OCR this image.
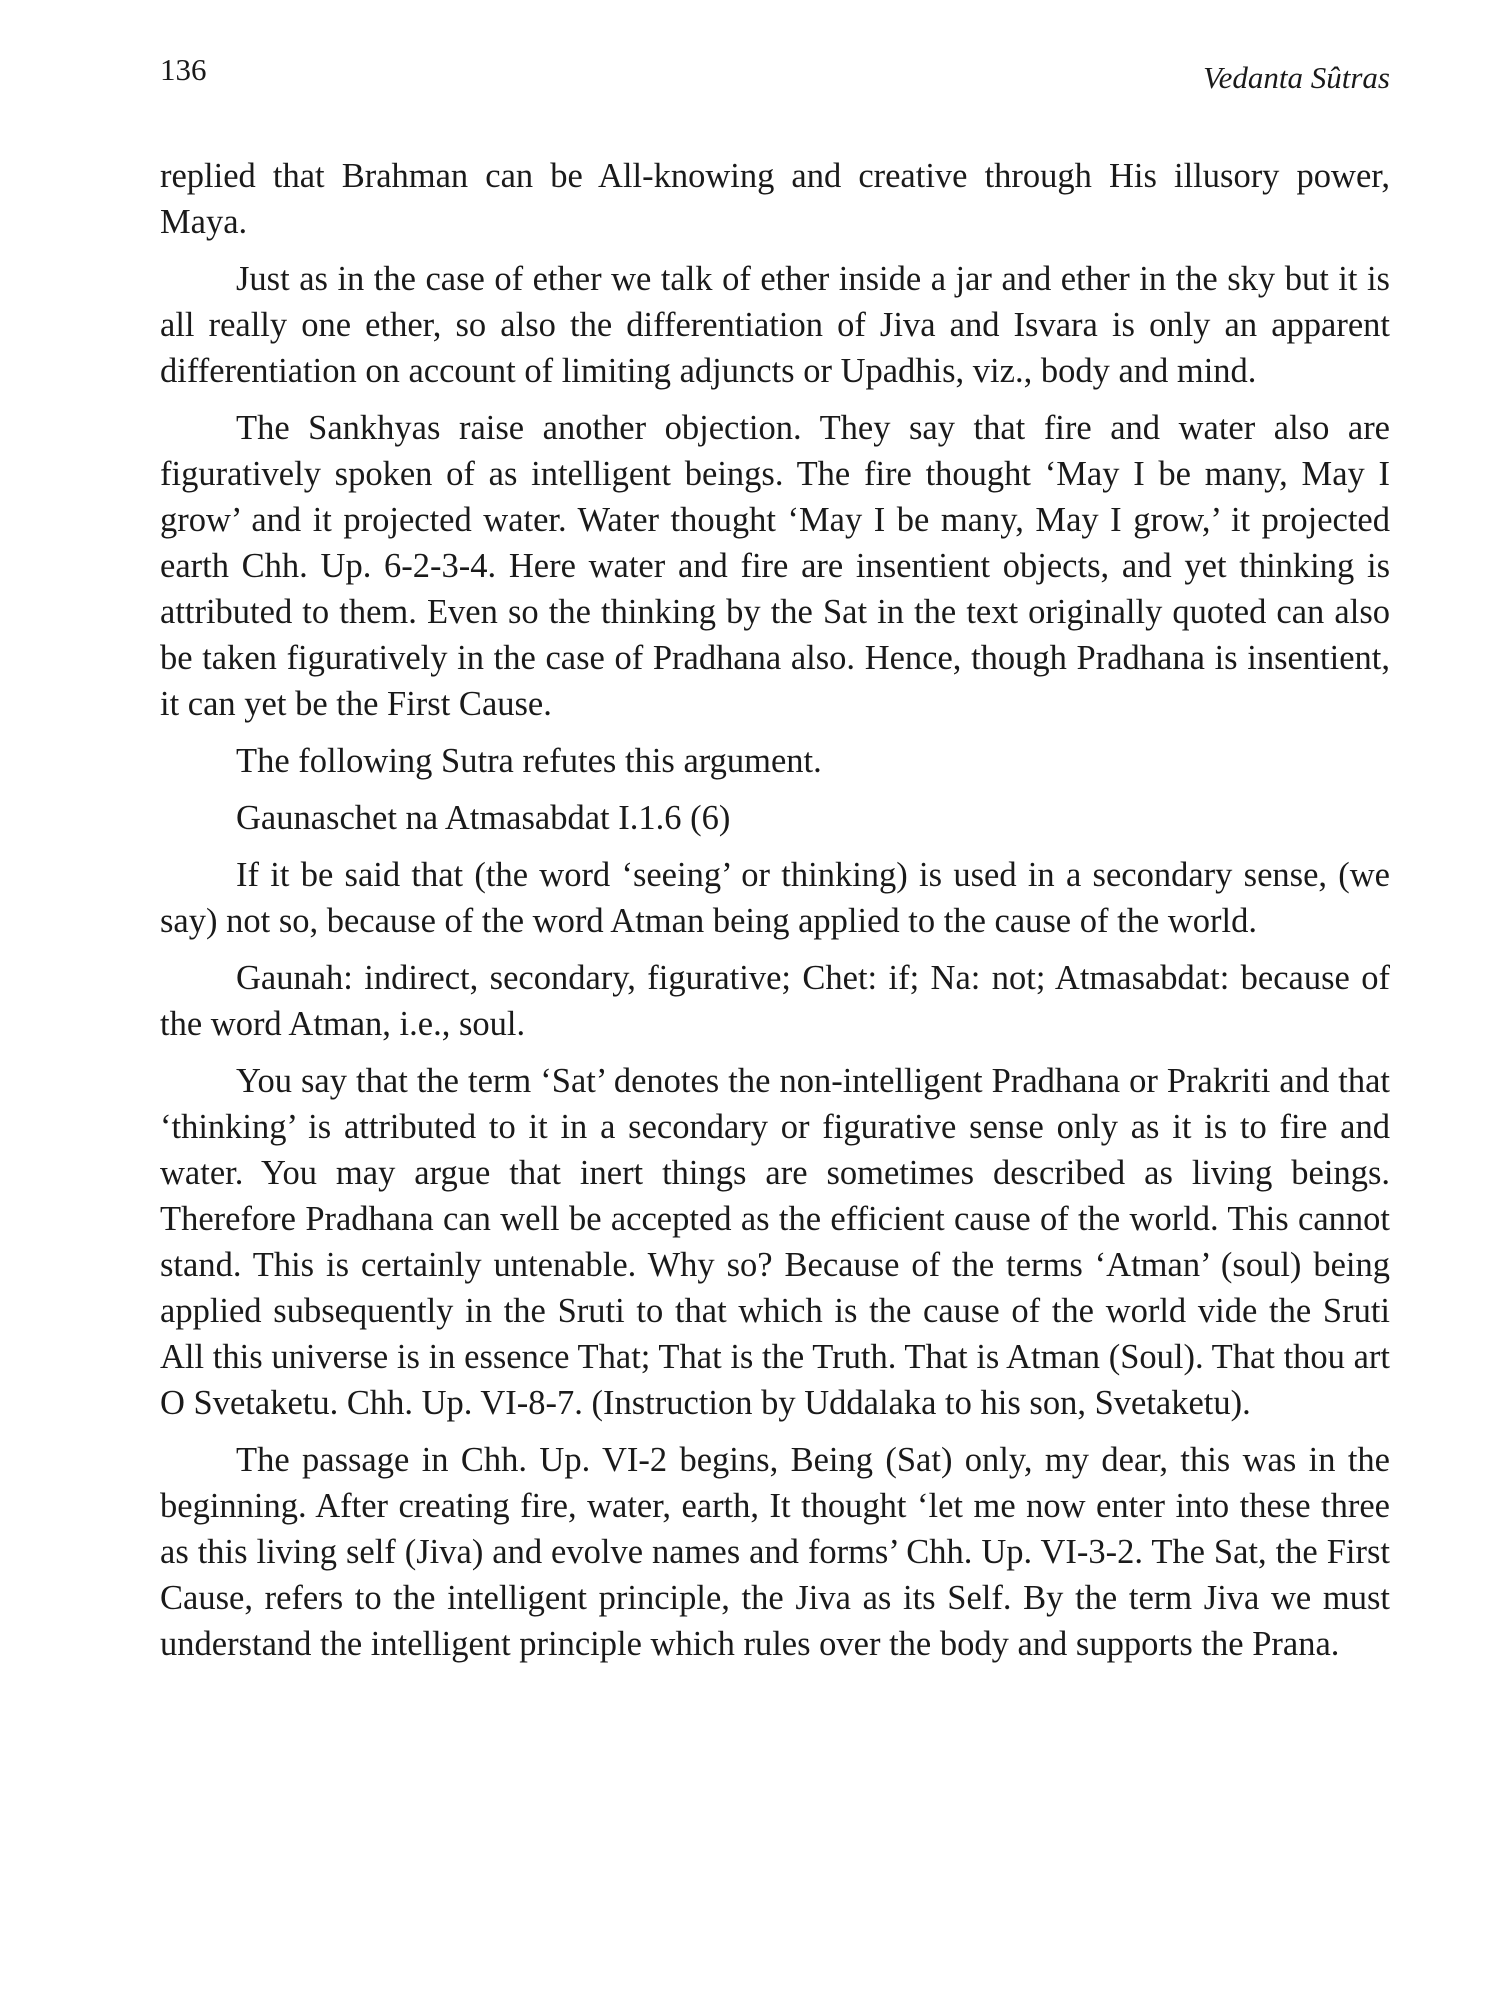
136	Vedanta Sûtras

replied that Brahman can be All-knowing and creative through His illusory power, Maya.

Just as in the case of ether we talk of ether inside a jar and ether in the sky but it is all really one ether, so also the differentiation of Jiva and Isvara is only an apparent differentiation on account of limiting adjuncts or Upadhis, viz., body and mind.

The Sankhyas raise another objection. They say that fire and water also are figuratively spoken of as intelligent beings. The fire thought ‘May I be many, May I grow’ and it projected water. Water thought ‘May I be many, May I grow,’ it projected earth Chh. Up. 6-2-3-4. Here water and fire are insentient objects, and yet thinking is attributed to them. Even so the thinking by the Sat in the text originally quoted can also be taken figuratively in the case of Pradhana also. Hence, though Pradhana is insentient, it can yet be the First Cause.

The following Sutra refutes this argument.

Gaunaschet na Atmasabdat I.1.6 (6)

If it be said that (the word ‘seeing’ or thinking) is used in a secondary sense, (we say) not so, because of the word Atman being applied to the cause of the world.

Gaunah: indirect, secondary, figurative; Chet: if; Na: not; Atmasabdat: because of the word Atman, i.e., soul.

You say that the term ‘Sat’ denotes the non-intelligent Pradhana or Prakriti and that ‘thinking’ is attributed to it in a secondary or figurative sense only as it is to fire and water. You may argue that inert things are sometimes described as living beings. Therefore Pradhana can well be accepted as the efficient cause of the world. This cannot stand. This is certainly untenable. Why so? Because of the terms ‘Atman’ (soul) being applied subsequently in the Sruti to that which is the cause of the world vide the Sruti All this universe is in essence That; That is the Truth. That is Atman (Soul). That thou art O Svetaketu. Chh. Up. VI-8-7. (Instruction by Uddalaka to his son, Svetaketu).

The passage in Chh. Up. VI-2 begins, Being (Sat) only, my dear, this was in the beginning. After creating fire, water, earth, It thought ‘let me now enter into these three as this living self (Jiva) and evolve names and forms’ Chh. Up. VI-3-2. The Sat, the First Cause, refers to the intelligent principle, the Jiva as its Self. By the term Jiva we must understand the intelligent principle which rules over the body and supports the Prana.
